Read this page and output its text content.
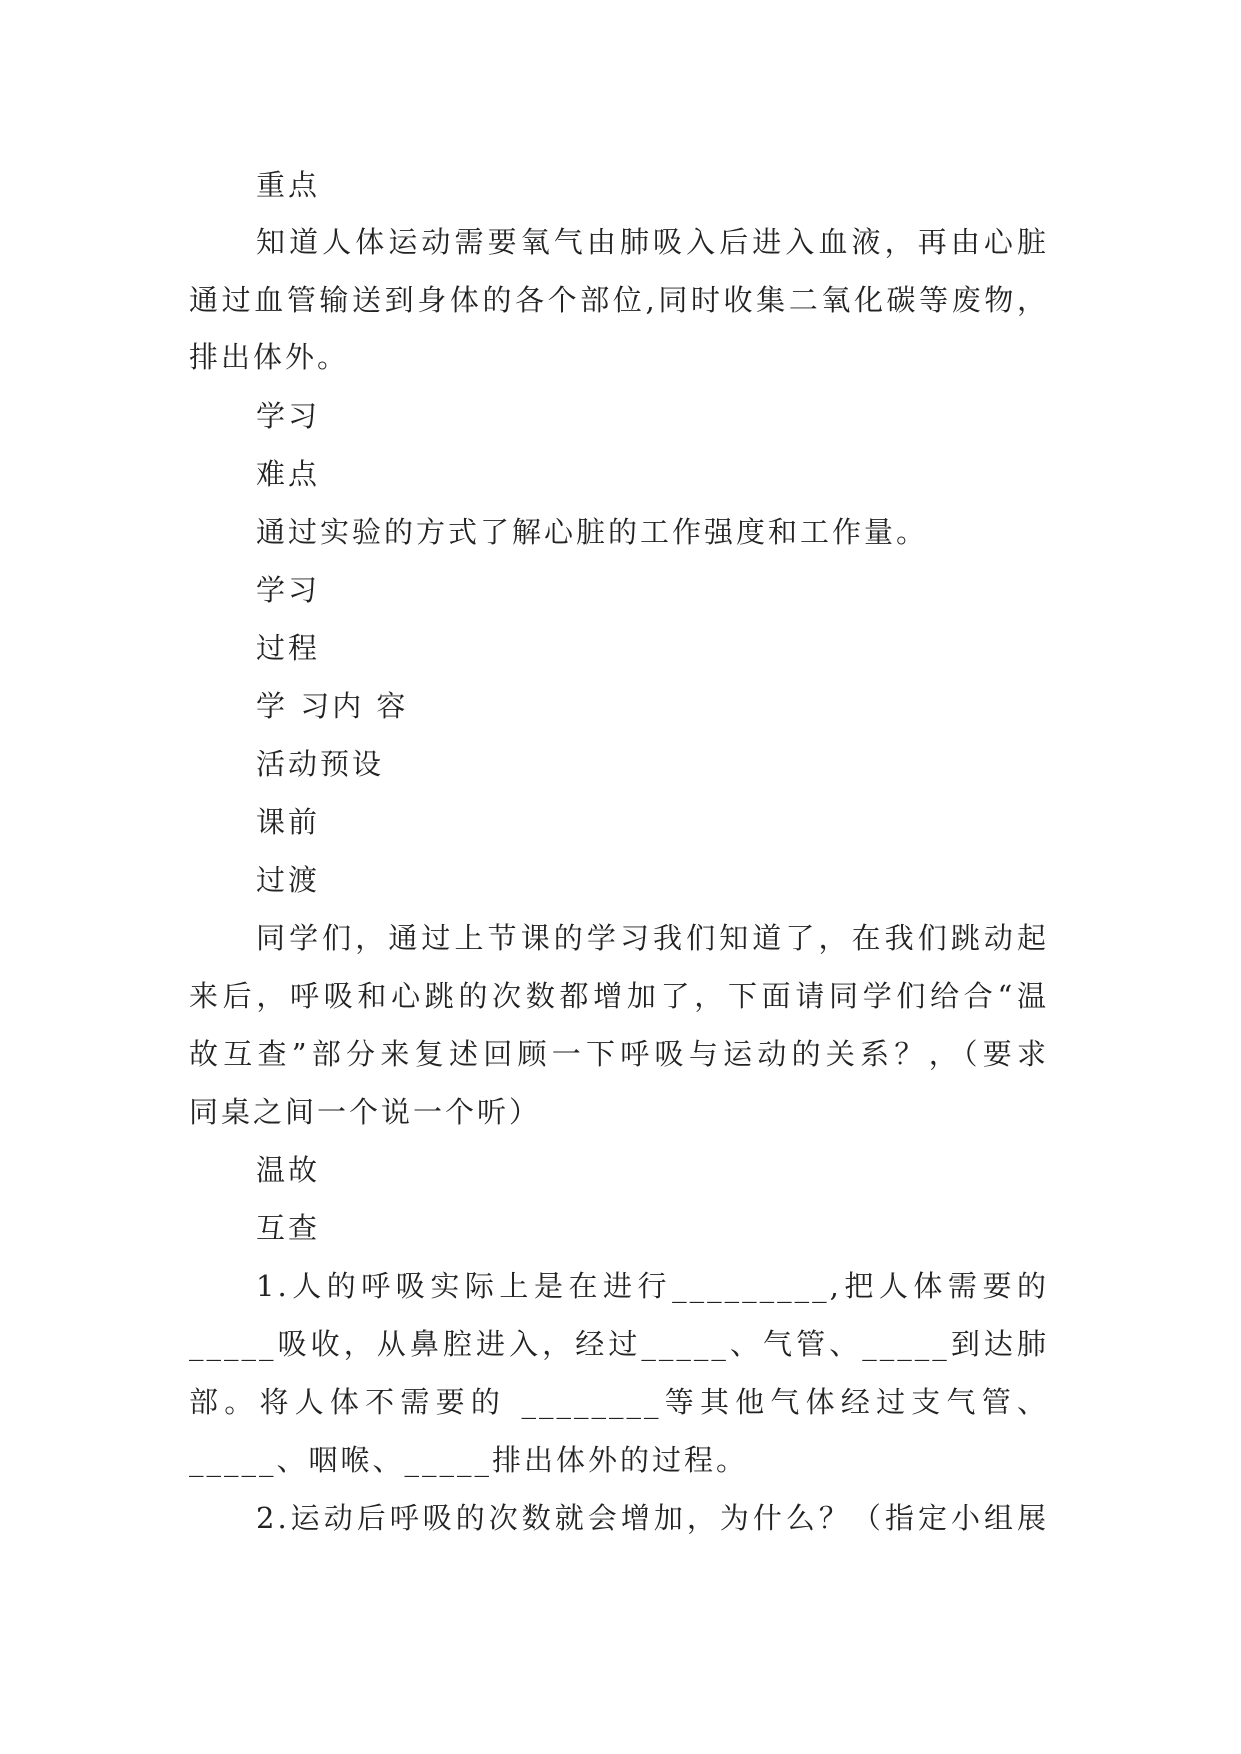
重点
知道人体运动需要氧气由肺吸入后进入血液，再由心脏
通过血管输送到身体的各个部位,同时收集二氧化碳等废物，
排出体外。
学习
难点
通过实验的方式了解心脏的工作强度和工作量。
学习
过程
学 习内 容
活动预设
课前
过渡
同学们，通过上节课的学习我们知道了，在我们跳动起
来后，呼吸和心跳的次数都增加了，下面请同学们给合“温
故互查”部分来复述回顾一下呼吸与运动的关系？，（要求
同桌之间一个说一个听）
温故
互查
1.人的呼吸实际上是在进行_________,把人体需要的
_____吸收，从鼻腔进入，经过_____、气管、_____到达肺
部。将人体不需要的 ________等其他气体经过支气管、
_____、咽喉、_____排出体外的过程。
2.运动后呼吸的次数就会增加，为什么？（指定小组展
